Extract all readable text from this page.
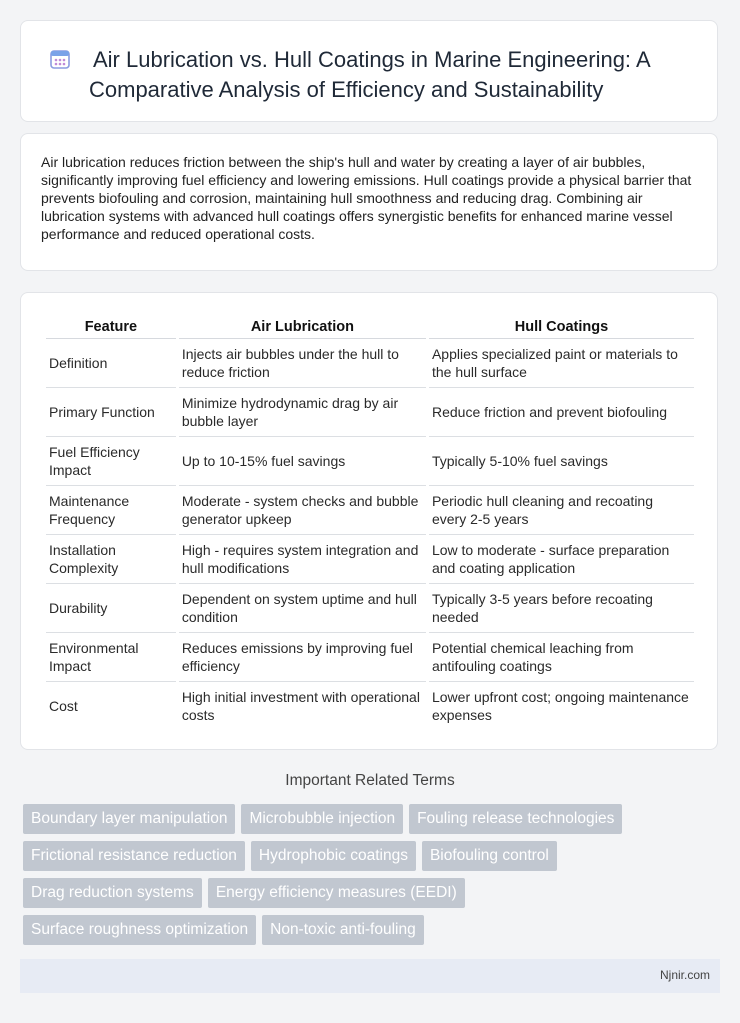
Air Lubrication vs. Hull Coatings in Marine Engineering: A Comparative Analysis of Efficiency and Sustainability
Air lubrication reduces friction between the ship's hull and water by creating a layer of air bubbles, significantly improving fuel efficiency and lowering emissions. Hull coatings provide a physical barrier that prevents biofouling and corrosion, maintaining hull smoothness and reducing drag. Combining air lubrication systems with advanced hull coatings offers synergistic benefits for enhanced marine vessel performance and reduced operational costs.
Feature	Air Lubrication	Hull Coatings
Definition	Injects air bubbles under the hull to reduce friction	Applies specialized paint or materials to the hull surface
Primary Function	Minimize hydrodynamic drag by air bubble layer	Reduce friction and prevent biofouling
Fuel Efficiency Impact	Up to 10-15% fuel savings	Typically 5-10% fuel savings
Maintenance Frequency	Moderate - system checks and bubble generator upkeep	Periodic hull cleaning and recoating every 2-5 years
Installation Complexity	High - requires system integration and hull modifications	Low to moderate - surface preparation and coating application
Durability	Dependent on system uptime and hull condition	Typically 3-5 years before recoating needed
Environmental Impact	Reduces emissions by improving fuel efficiency	Potential chemical leaching from antifouling coatings
Cost	High initial investment with operational costs	Lower upfront cost; ongoing maintenance expenses
Important Related Terms
Boundary layer manipulation	Microbubble injection	Fouling release technologies
Frictional resistance reduction	Hydrophobic coatings	Biofouling control
Drag reduction systems	Energy efficiency measures (EEDI)
Surface roughness optimization	Non-toxic anti-fouling
Njnir.com
